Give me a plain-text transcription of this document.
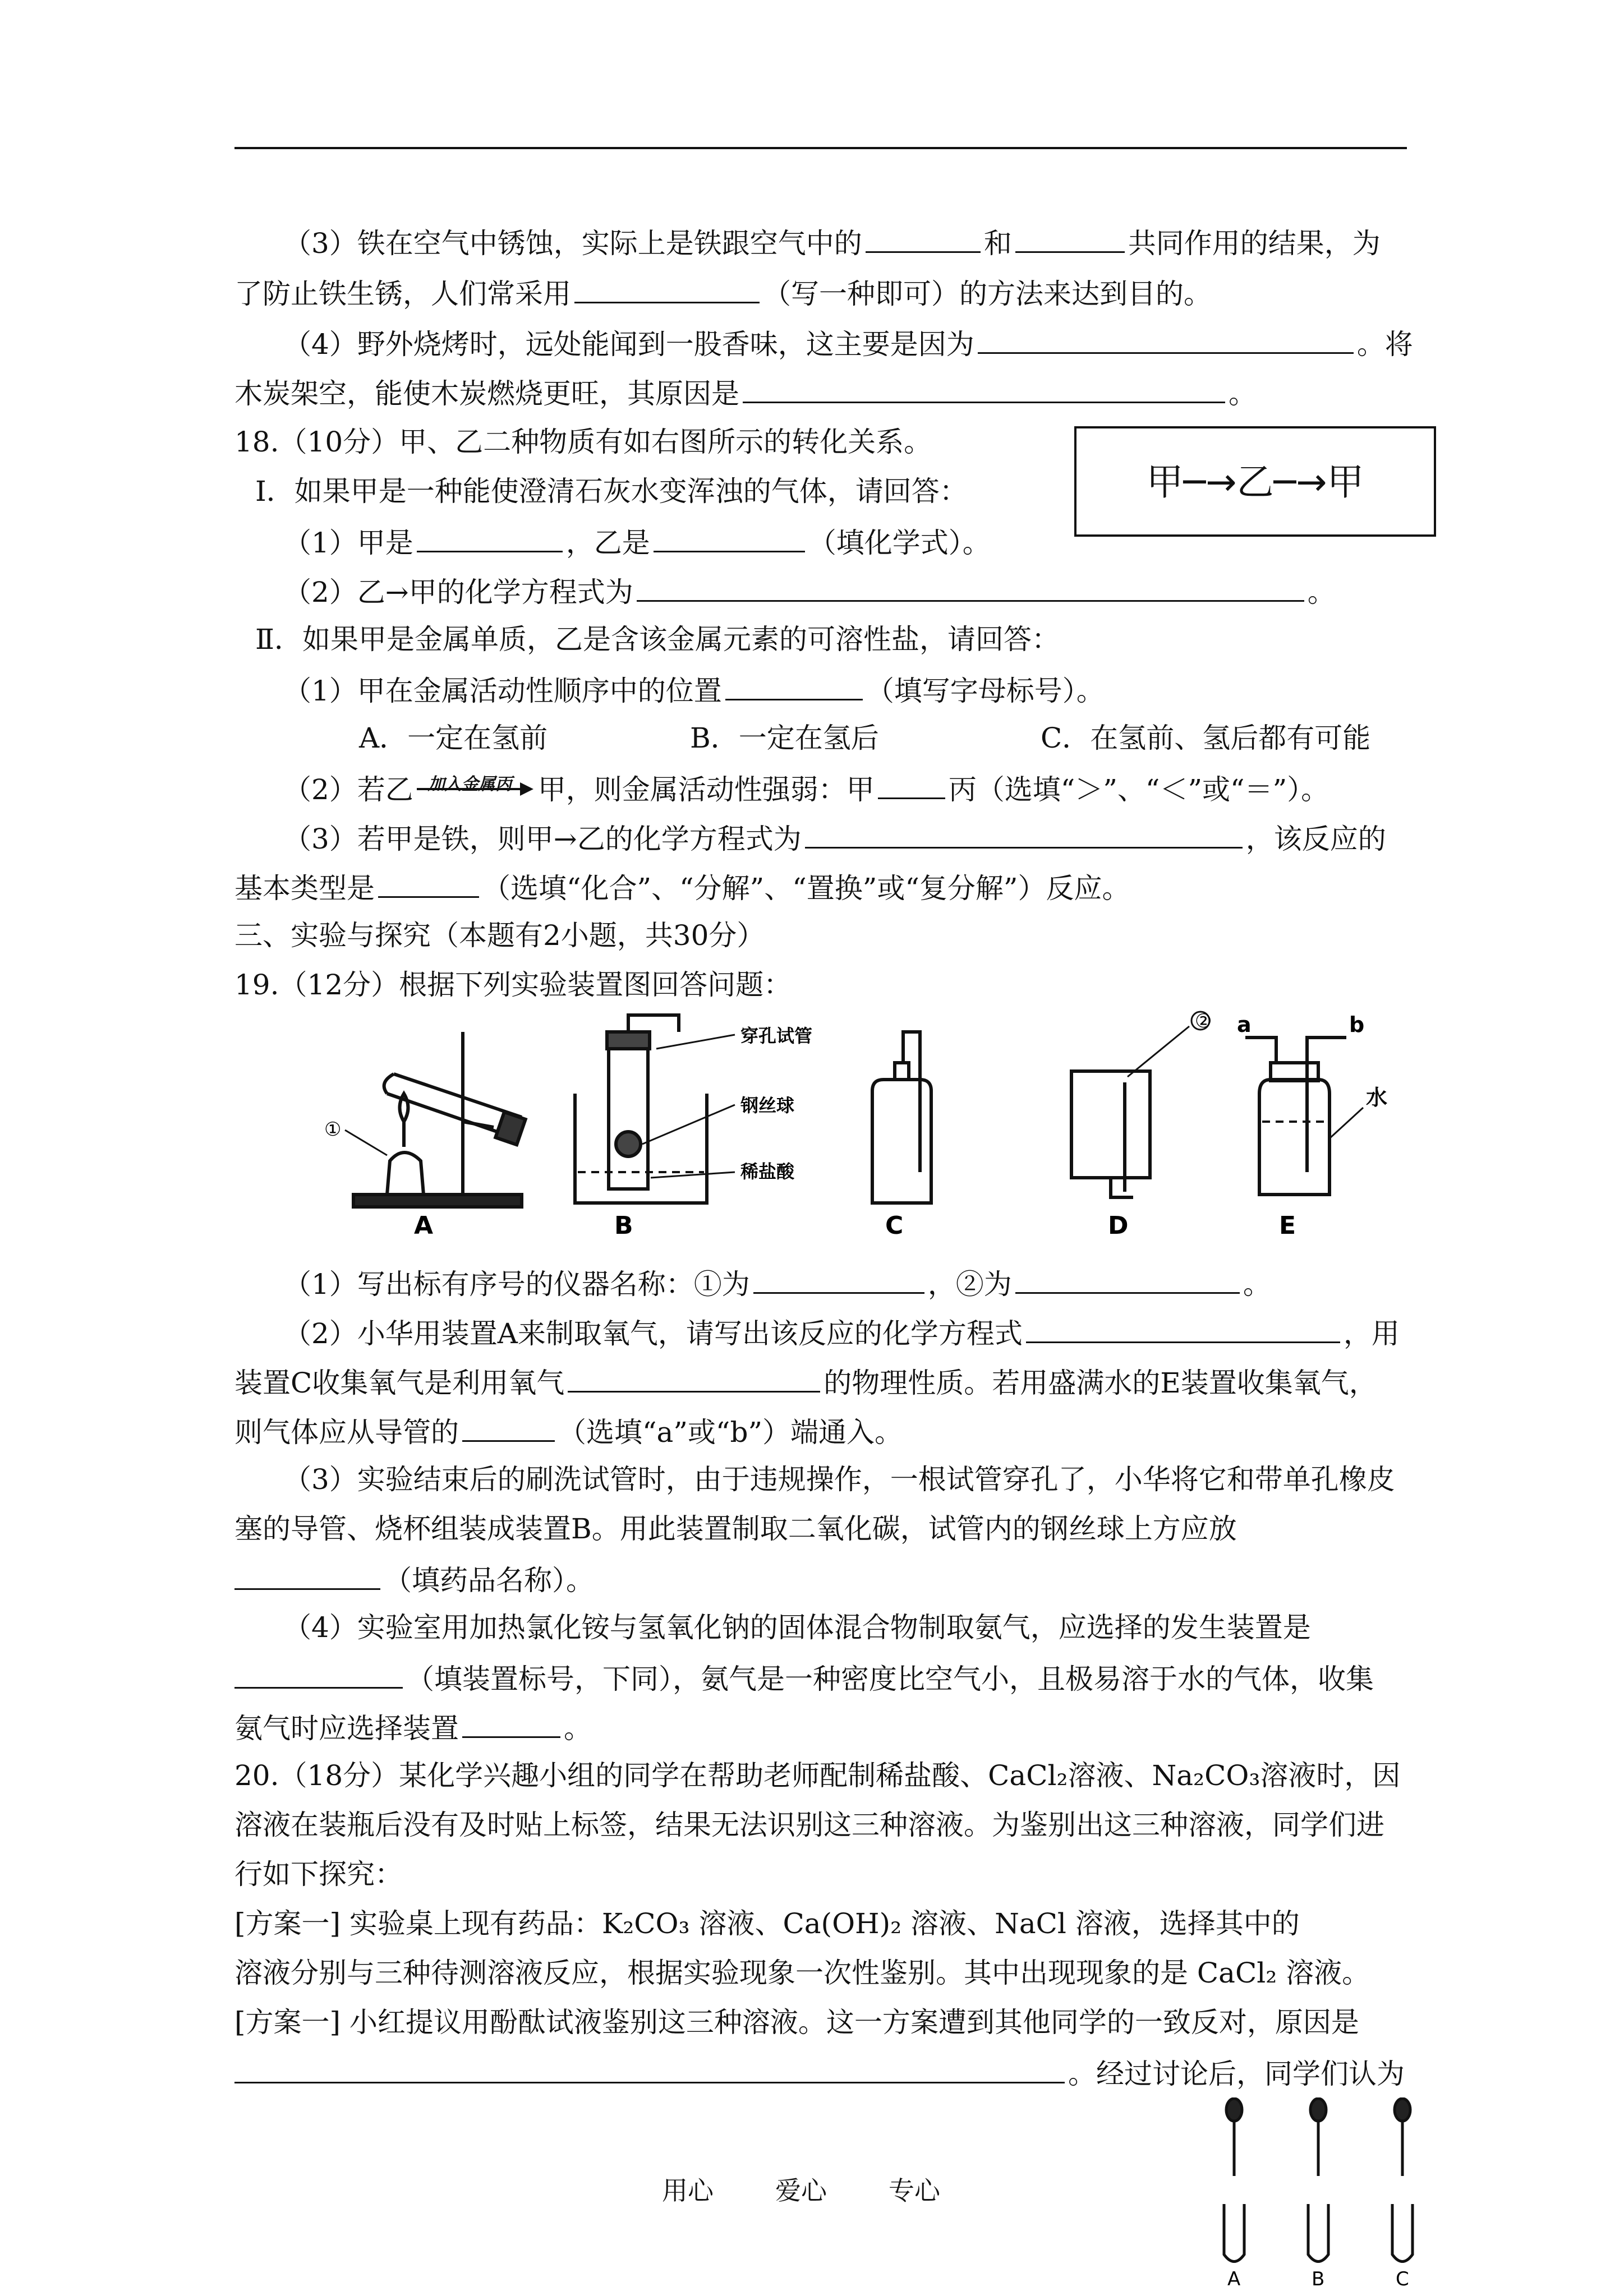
（3）铁在空气中锈蚀，实际上是铁跟空气中的	和	共同作用的结果，为
了防止铁生锈，人们常采用	（写一种即可）的方法来达到目的。
（4）野外烧烤时，远处能闻到一股香味，这主要是因为	。将
木炭架空，能使木炭燃烧更旺，其原因是	。
18.（10分）甲、乙二种物质有如右图所示的转化关系。
甲─→乙─→甲
Ⅰ．如果甲是一种能使澄清石灰水变浑浊的气体，请回答：
（1）甲是	，乙是	（填化学式）。
（2）乙→甲的化学方程式为	。
Ⅱ．如果甲是金属单质，乙是含该金属元素的可溶性盐，请回答：
（1）甲在金属活动性顺序中的位置	（填写字母标号）。
A．一定在氢前	B．一定在氢后	C．在氢前、氢后都有可能
（2）若乙 加入金属丙 甲，则金属活动性强弱：甲	丙（选填“＞”、“＜”或“＝”）。
（3）若甲是铁，则甲→乙的化学方程式为	，该反应的
基本类型是	（选填“化合”、“分解”、“置换”或“复分解”）反应。
三、实验与探究（本题有2小题，共30分）
19.（12分）根据下列实验装置图回答问题：
①
②
穿孔试管
钢丝球
稀盐酸
a	b
水
A	B	C	D	E
（1）写出标有序号的仪器名称：①为	，②为	。
（2）小华用装置A来制取氧气，请写出该反应的化学方程式	，用
装置C收集氧气是利用氧气	的物理性质。若用盛满水的E装置收集氧气，
则气体应从导管的	（选填“a”或“b”）端通入。
（3）实验结束后的刷洗试管时，由于违规操作，一根试管穿孔了，小华将它和带单孔橡皮
塞的导管、烧杯组装成装置B。用此装置制取二氧化碳，试管内的钢丝球上方应放
（填药品名称）。
（4）实验室用加热氯化铵与氢氧化钠的固体混合物制取氨气，应选择的发生装置是
（填装置标号，下同），氨气是一种密度比空气小，且极易溶于水的气体，收集
氨气时应选择装置	。
20.（18分）某化学兴趣小组的同学在帮助老师配制稀盐酸、CaCl₂溶液、Na₂CO₃溶液时，因
溶液在装瓶后没有及时贴上标签，结果无法识别这三种溶液。为鉴别出这三种溶液，同学们进
行如下探究：
[方案一] 实验桌上现有药品：K₂CO₃ 溶液、Ca(OH)₂ 溶液、NaCl 溶液，选择其中的
溶液分别与三种待测溶液反应，根据实验现象一次性鉴别。其中出现现象的是 CaCl₂ 溶液。
[方案一] 小红提议用酚酞试液鉴别这三种溶液。这一方案遭到其他同学的一致反对，原因是
。经过讨论后，同学们认为
A	B	C
用心 爱心 专心
